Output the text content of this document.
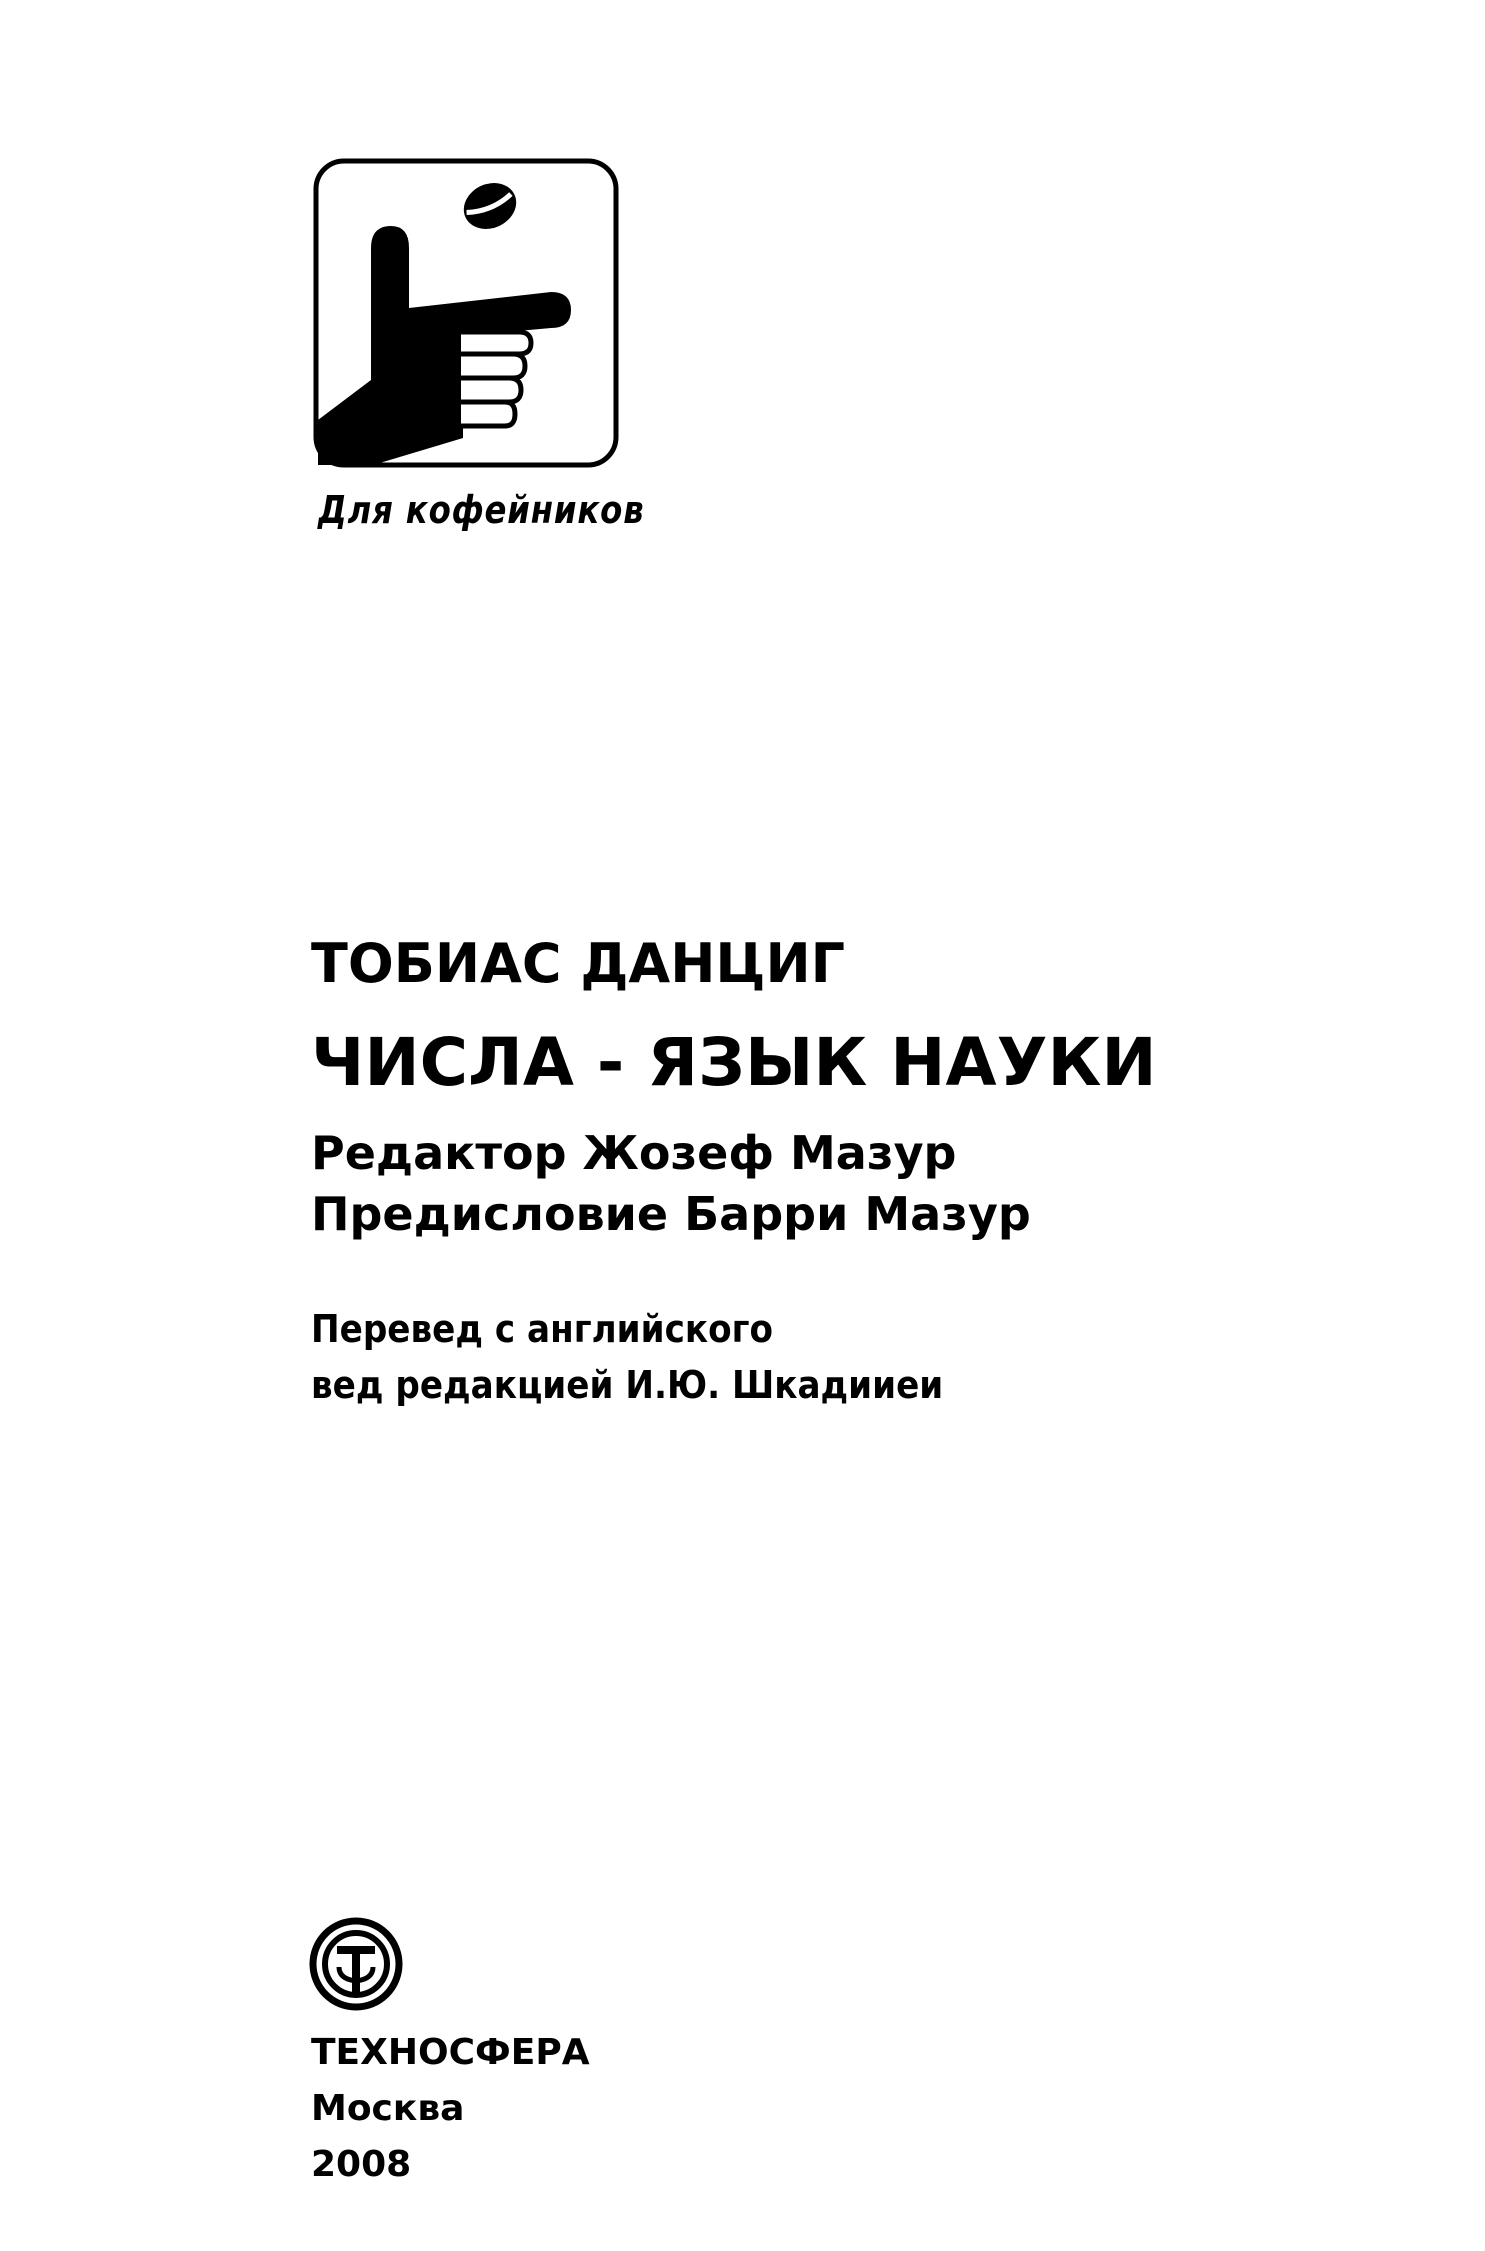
Для кофейников
ТОБИАС ДАНЦИГ
ЧИСЛА - ЯЗЫК НАУКИ
Редактор Жозеф Мазур
Предисловие Барри Мазур
Перевед с английского
вед редакцией И.Ю. Шкадииеи
ТЕХНОСФЕРА
Москва
2008
